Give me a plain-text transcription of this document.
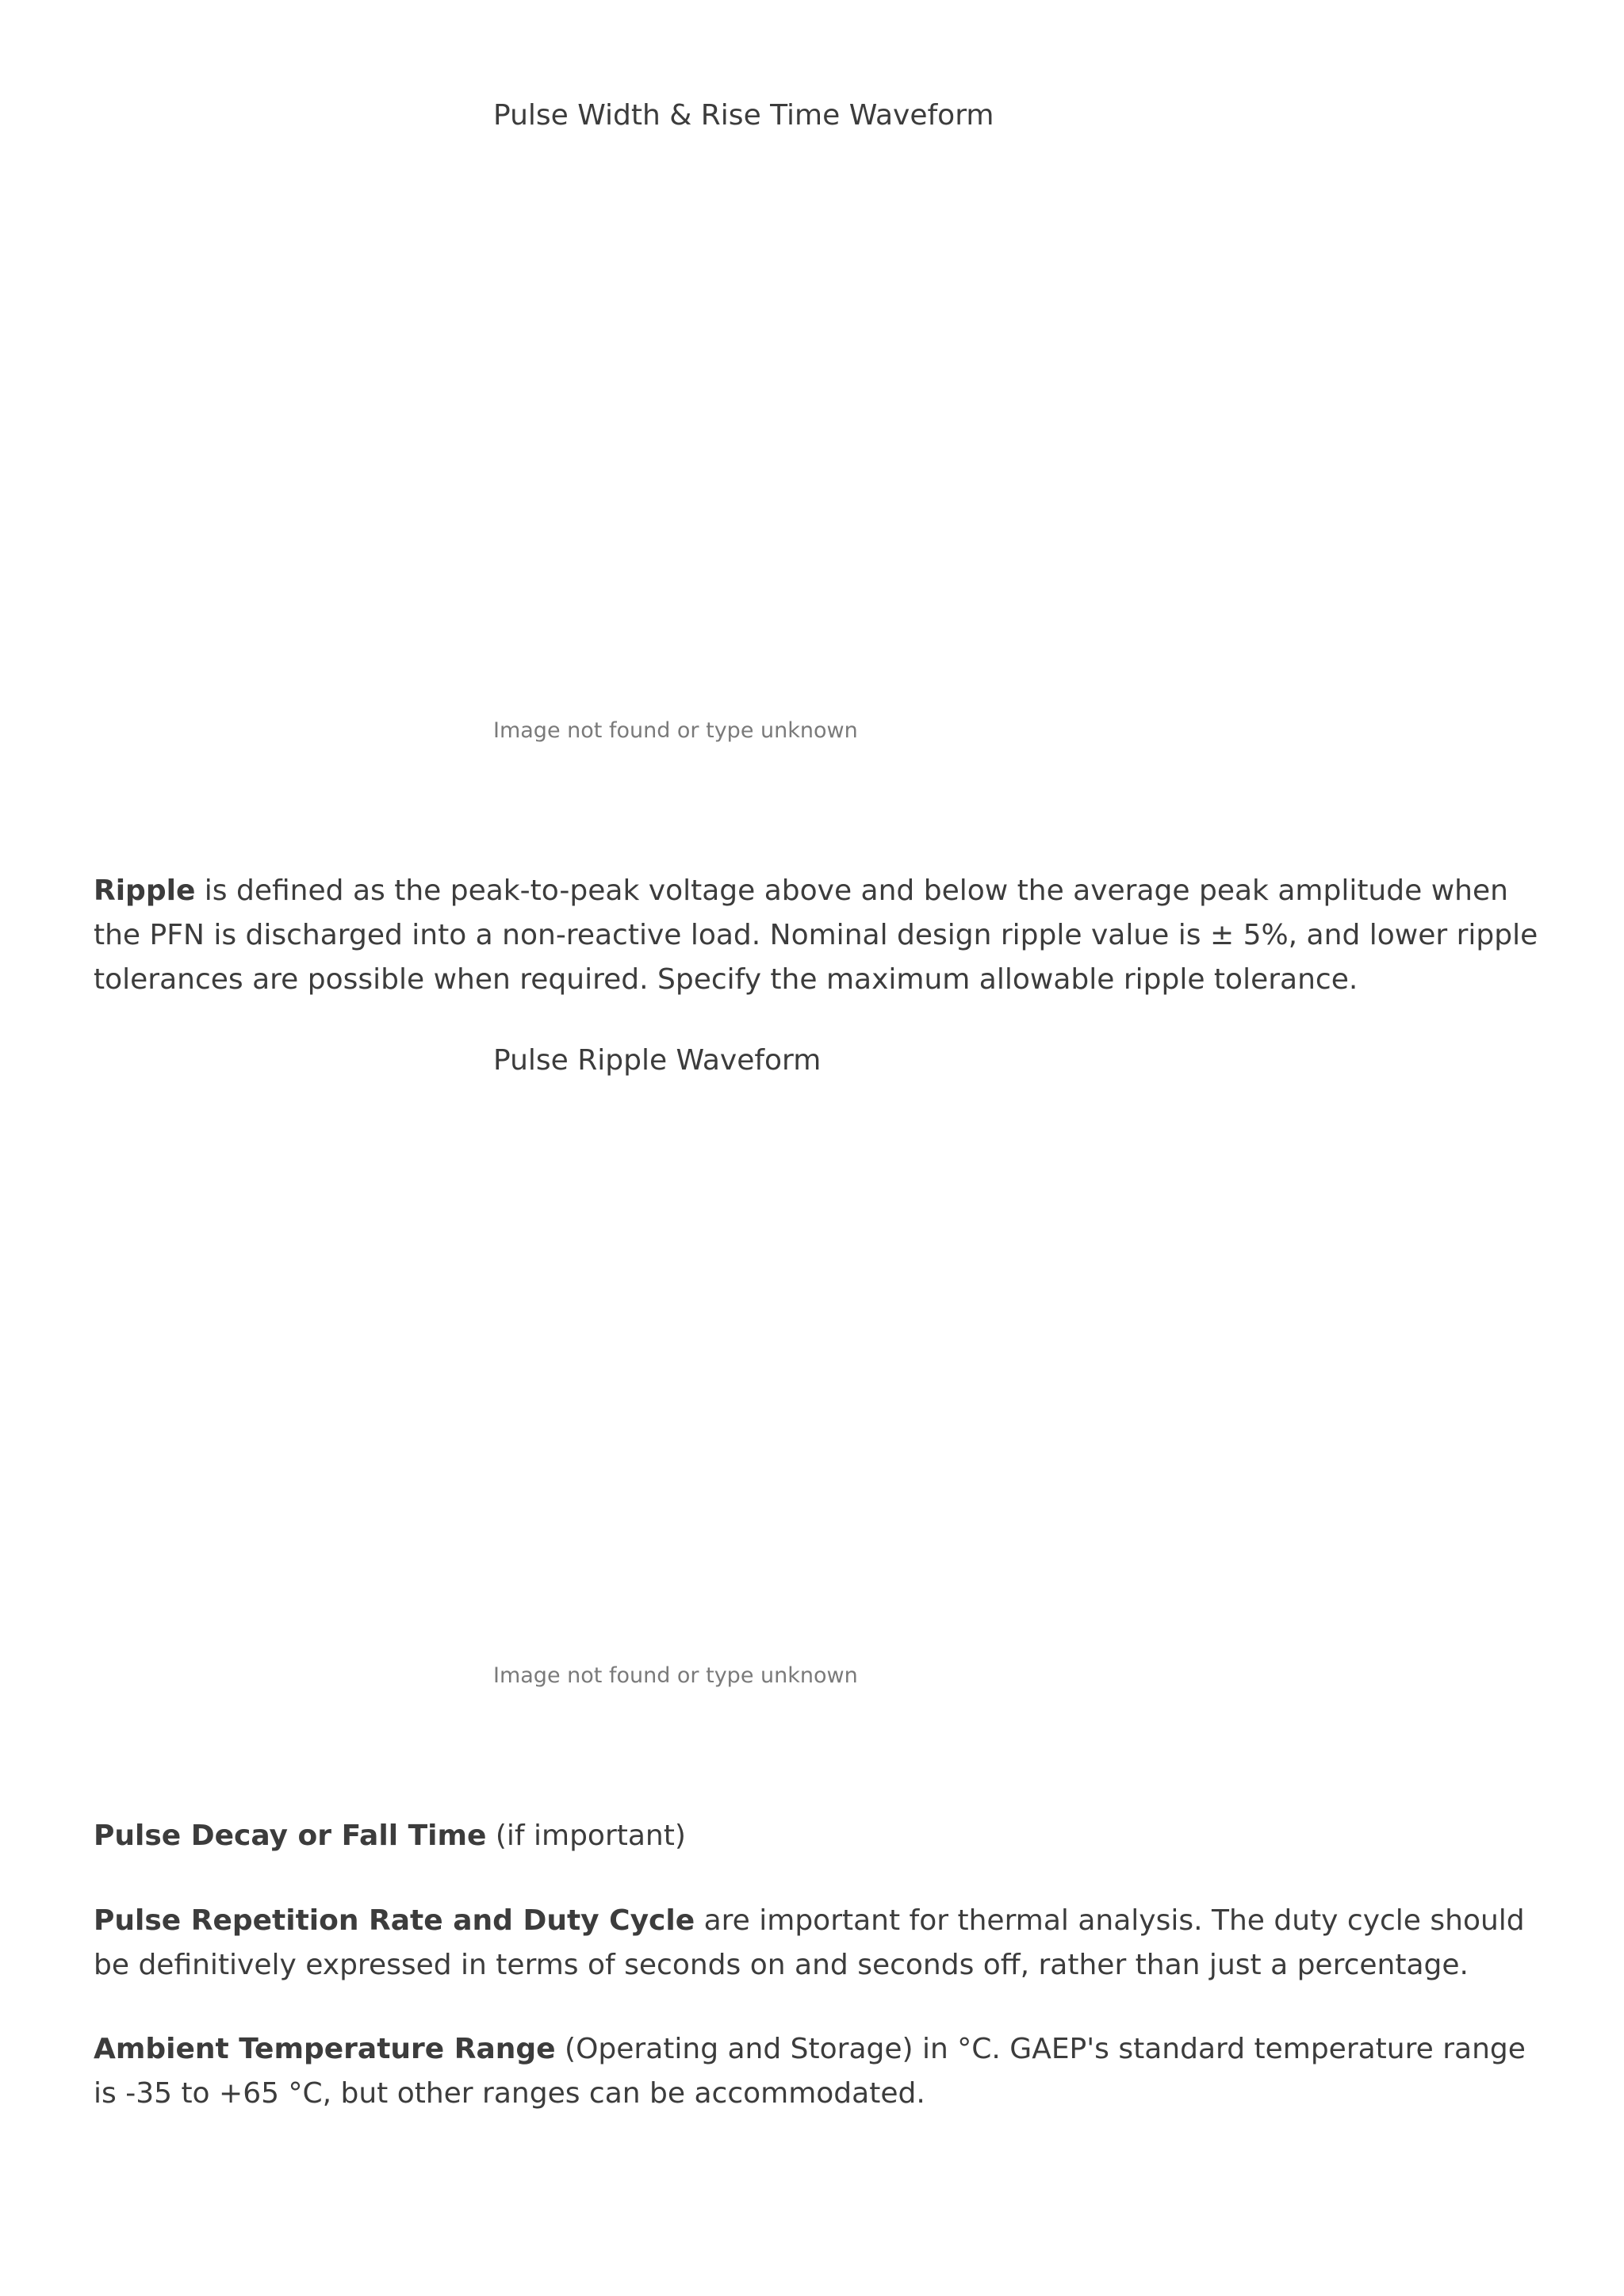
Pulse Width & Rise Time Waveform
Image not found or type unknown

Ripple is defined as the peak-to-peak voltage above and below the average peak amplitude when the PFN is discharged into a non-reactive load. Nominal design ripple value is ± 5%, and lower ripple tolerances are possible when required. Specify the maximum allowable ripple tolerance.

Pulse Ripple Waveform
Image not found or type unknown

Pulse Decay or Fall Time (if important)

Pulse Repetition Rate and Duty Cycle are important for thermal analysis. The duty cycle should be definitively expressed in terms of seconds on and seconds off, rather than just a percentage.

Ambient Temperature Range (Operating and Storage) in °C. GAEP's standard temperature range is -35 to +65 °C, but other ranges can be accommodated.
